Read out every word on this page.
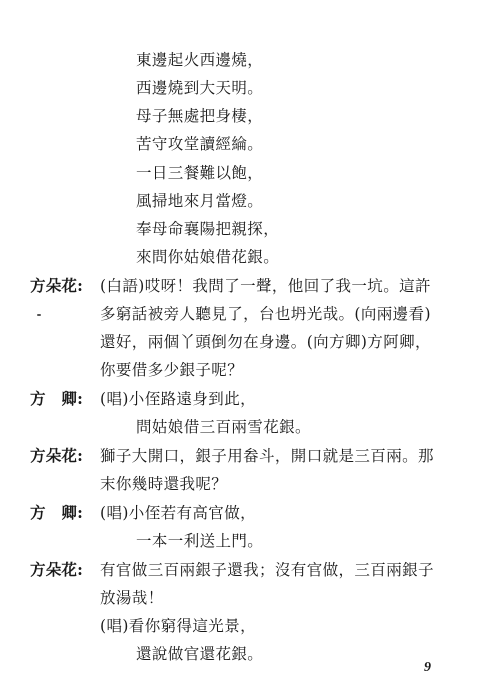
東邊起火西邊燒，
西邊燒到大天明。
母子無處把身棲，
苦守攻堂讀經綸。
一日三餐難以飽，
風掃地來月當燈。
奉母命襄陽把親探，
來問你姑娘借花銀。
方朵花: (白語)哎呀！我問了一聲，他回了我一坑。這許
多窮話被旁人聽見了，台也坍光哉。(向兩邊看)
還好，兩個丫頭倒勿在身邊。(向方卿)方阿卿，
你要借多少銀子呢？
方　卿: (唱)小侄路遠身到此，
問姑娘借三百兩雪花銀。
方朵花: 獅子大開口，銀子用畚斗，開口就是三百兩。那
末你幾時還我呢？
方　卿: (唱)小侄若有高官做，
一本一利送上門。
方朵花: 有官做三百兩銀子還我；沒有官做，三百兩銀子
放湯哉！
(唱)看你窮得這光景，
還說做官還花銀。
9
